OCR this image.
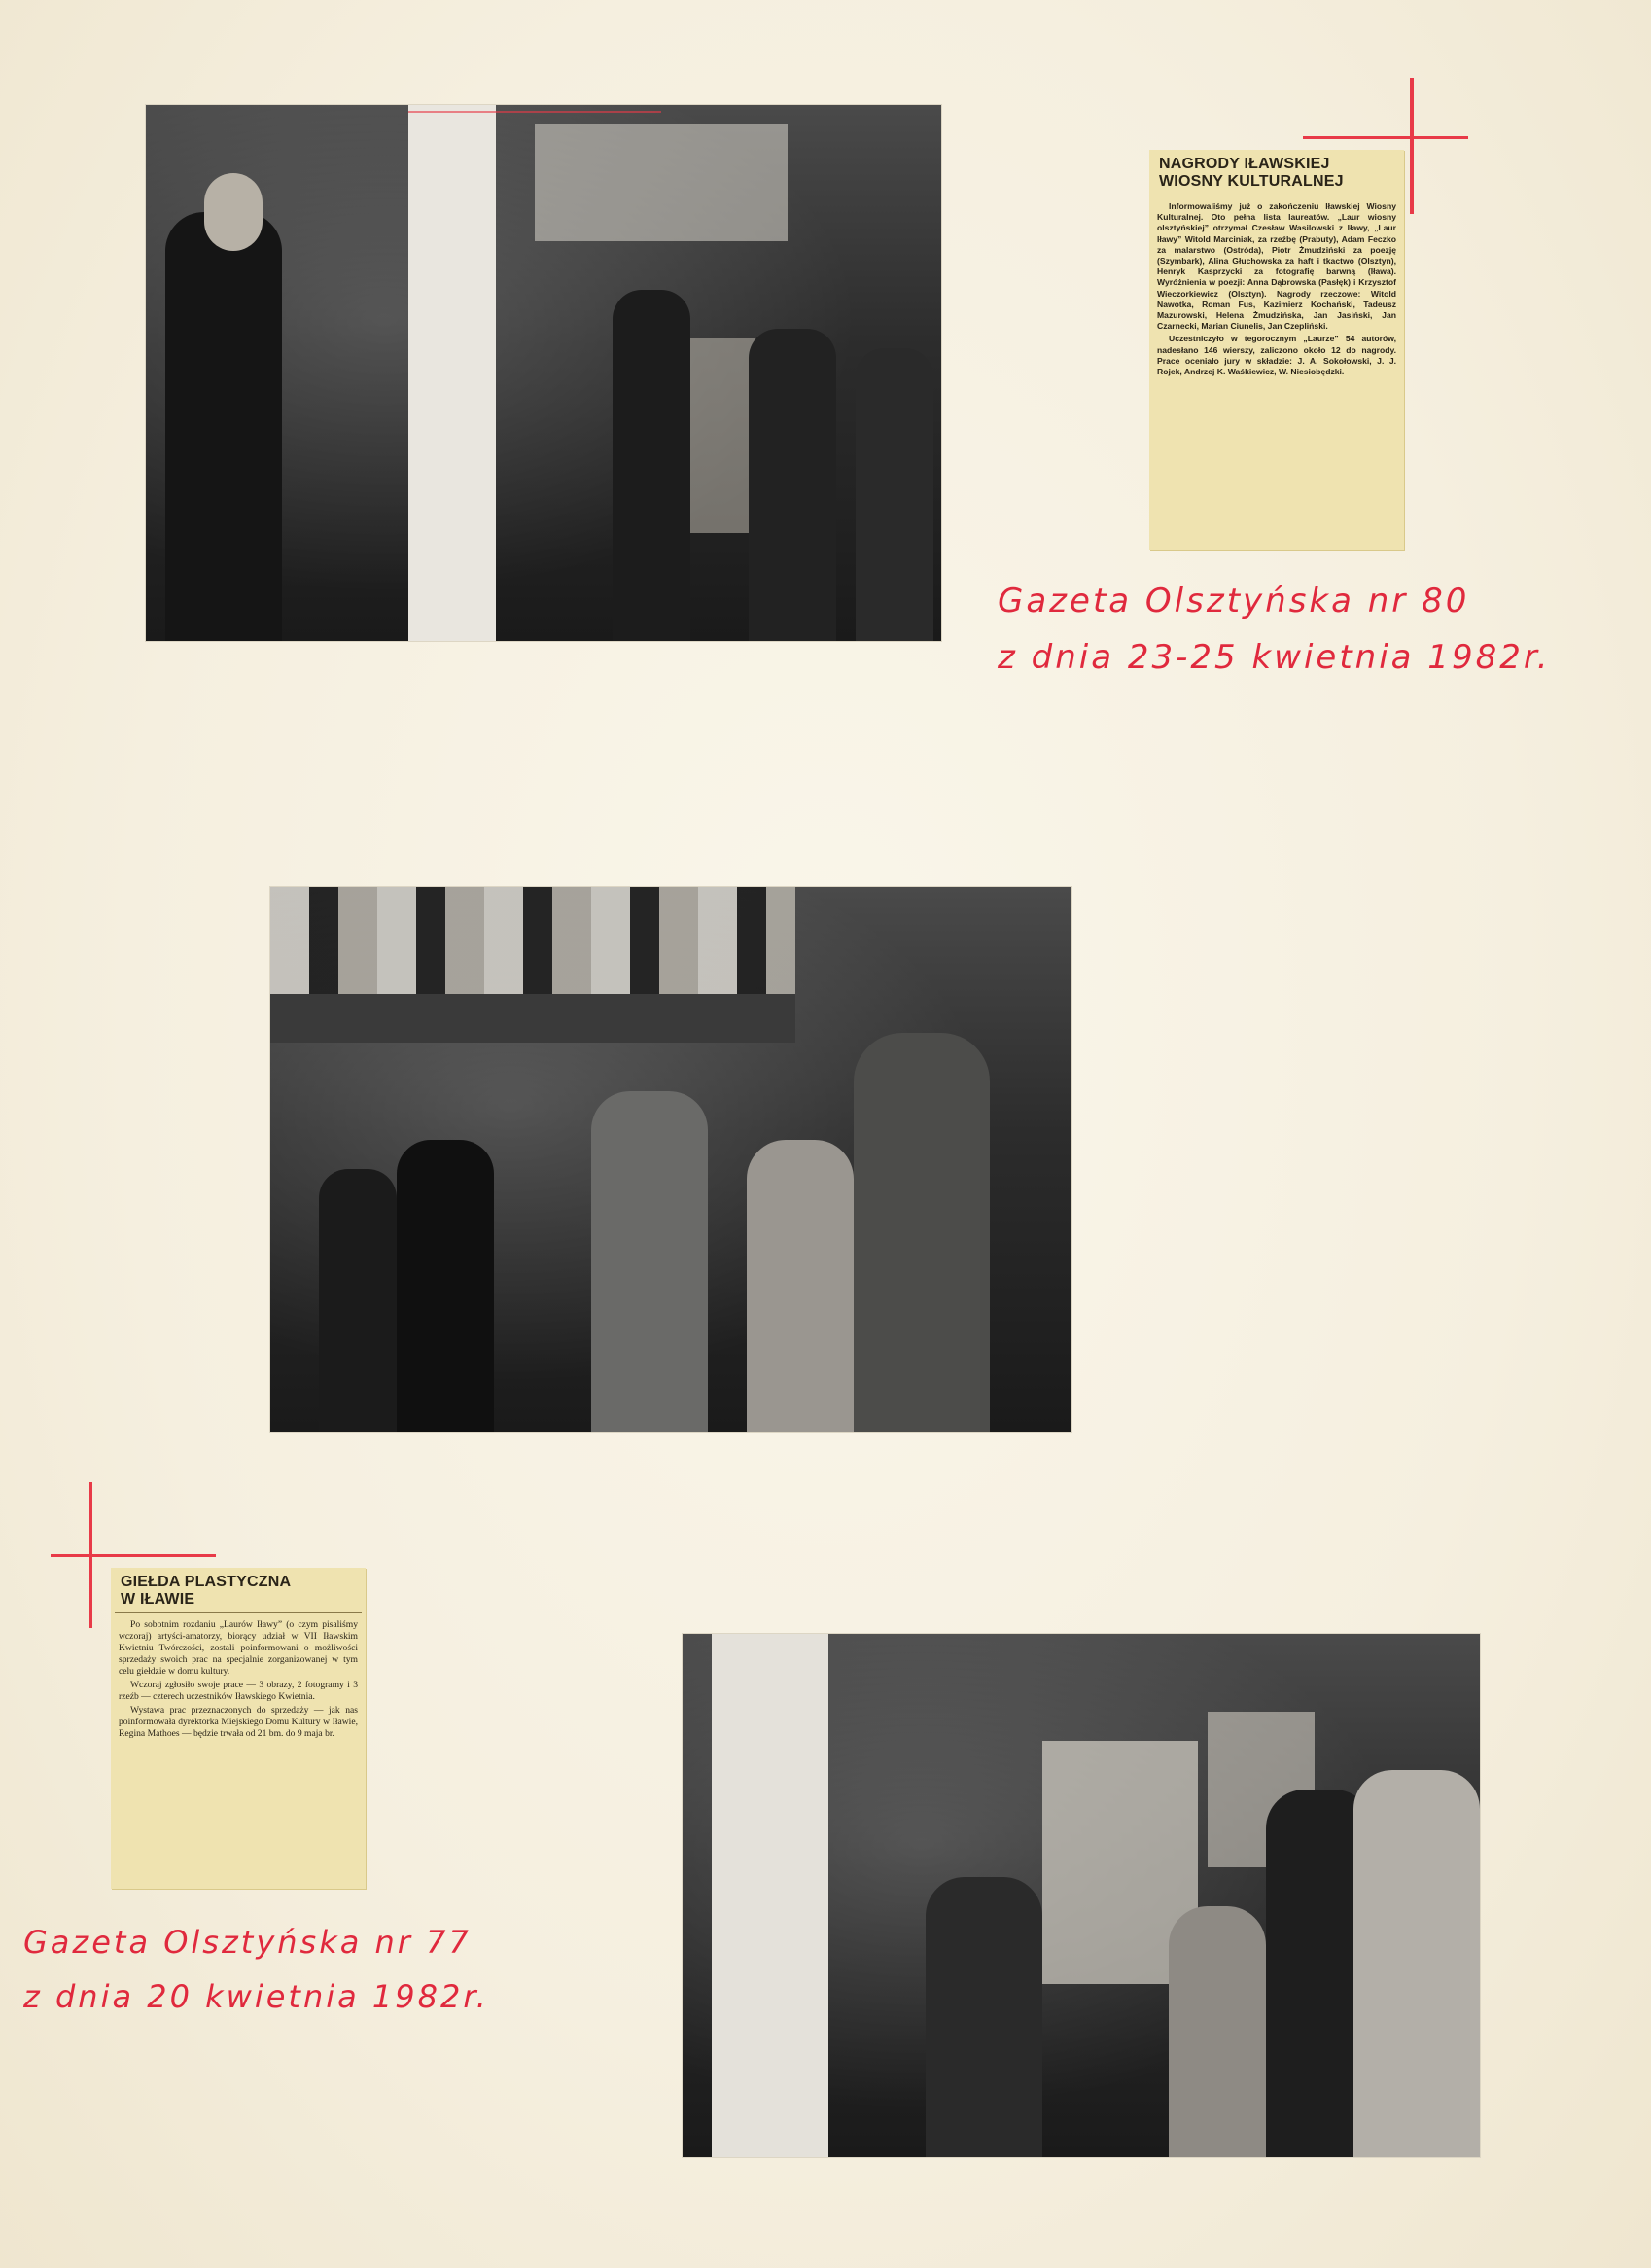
NAGRODY IŁAWSKIEJ
WIOSNY KULTURALNEJ

Informowaliśmy już o zakończeniu Iławskiej Wiosny Kulturalnej. Oto pełna lista laureatów. „Laur wiosny olsztyńskiej” otrzymał Czesław Wasilowski z Iławy, „Laur Iławy” Witold Marciniak, za rzeźbę (Prabuty), Adam Feczko za malarstwo (Ostróda), Piotr Żmudziński za poezję (Szymbark), Alina Głuchowska za haft i tkactwo (Olsztyn), Henryk Kasprzycki za fotografię barwną (Iława). Wyróżnienia w poezji: Anna Dąbrowska (Pasłęk) i Krzysztof Wieczorkiewicz (Olsztyn). Nagrody rzeczowe: Witold Nawotka, Roman Fus, Kazimierz Kochański, Tadeusz Mazurowski, Helena Żmudzińska, Jan Jasiński, Jan Czarnecki, Marian Ciunelis, Jan Czepliński.

Uczestniczyło w tegorocznym „Laurze” 54 autorów, nadesłano 146 wierszy, zaliczono około 12 do nagrody. Prace oceniało jury w składzie: J. A. Sokołowski, J. J. Rojek, Andrzej K. Waśkiewicz, W. Niesiobędzki.

Gazeta Olsztyńska nr 80
z dnia 23-25 kwietnia 1982r.
GIEŁDA PLASTYCZNA
W IŁAWIE

Po sobotnim rozdaniu „Laurów Iławy” (o czym pisaliśmy wczoraj) artyści-amatorzy, biorący udział w VII Iławskim Kwietniu Twórczości, zostali poinformowani o możliwości sprzedaży swoich prac na specjalnie zorganizowanej w tym celu giełdzie w domu kultury.

Wczoraj zgłosiło swoje prace — 3 obrazy, 2 fotogramy i 3 rzeźb — czterech uczestników Iławskiego Kwietnia.

Wystawa prac przeznaczonych do sprzedaży — jak nas poinformowała dyrektorka Miejskiego Domu Kultury w Iławie, Regina Mathoes — będzie trwała od 21 bm. do 9 maja br.

Gazeta Olsztyńska nr 77
z dnia 20 kwietnia 1982r.
